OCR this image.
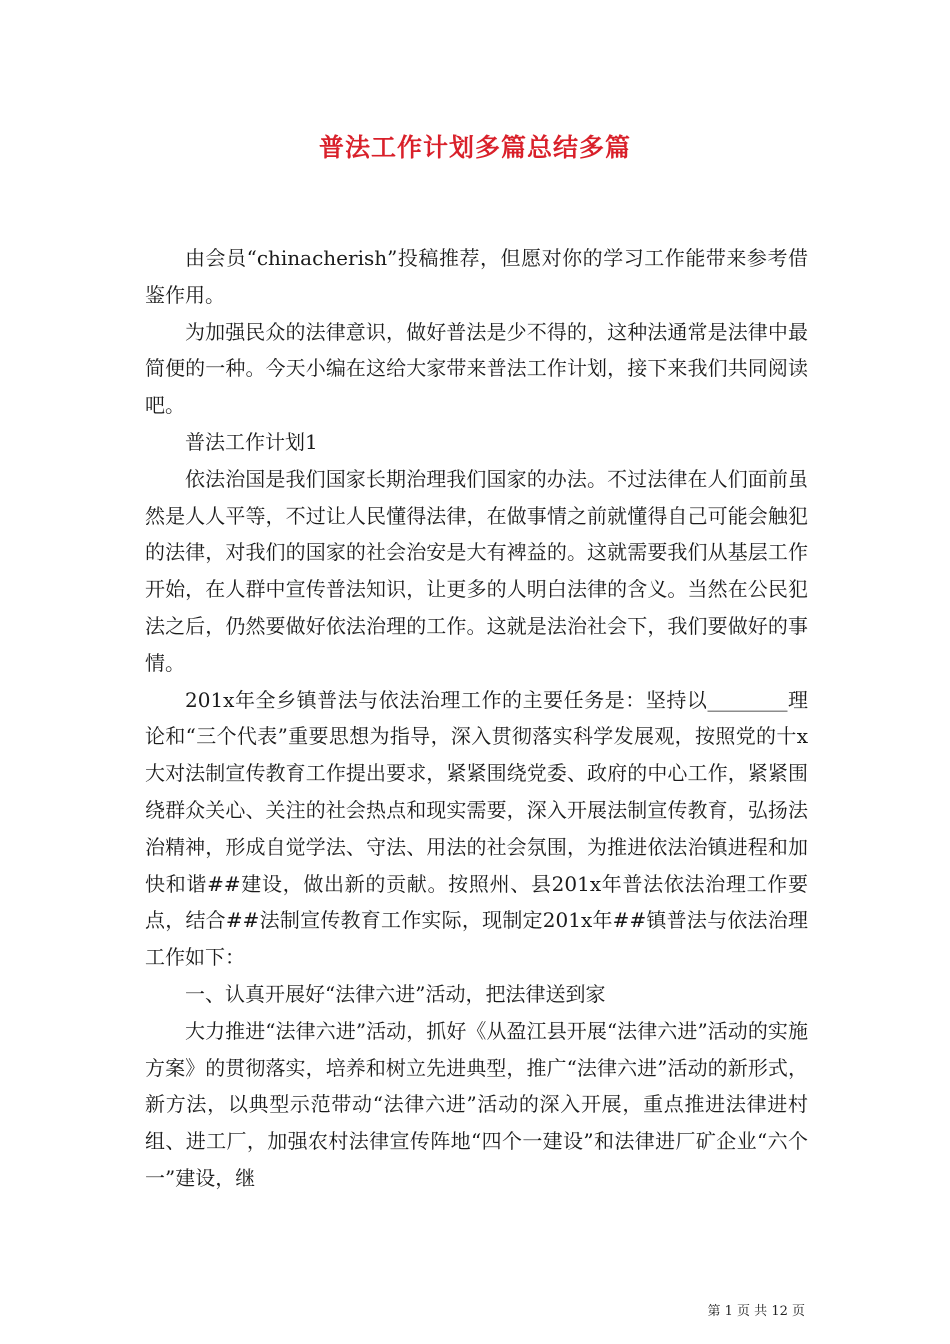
普法工作计划多篇总结多篇

由会员“chinacherish”投稿推荐，但愿对你的学习工作能带来参考借鉴作用。

为加强民众的法律意识，做好普法是少不得的，这种法通常是法律中最简便的一种。今天小编在这给大家带来普法工作计划，接下来我们共同阅读吧。

普法工作计划1

依法治国是我们国家长期治理我们国家的办法。不过法律在人们面前虽然是人人平等，不过让人民懂得法律，在做事情之前就懂得自己可能会触犯的法律，对我们的国家的社会治安是大有裨益的。这就需要我们从基层工作开始，在人群中宣传普法知识，让更多的人明白法律的含义。当然在公民犯法之后，仍然要做好依法治理的工作。这就是法治社会下，我们要做好的事情。

201x年全乡镇普法与依法治理工作的主要任务是：坚持以________理论和“三个代表”重要思想为指导，深入贯彻落实科学发展观，按照党的十x大对法制宣传教育工作提出要求，紧紧围绕党委、政府的中心工作，紧紧围绕群众关心、关注的社会热点和现实需要，深入开展法制宣传教育，弘扬法治精神，形成自觉学法、守法、用法的社会氛围，为推进依法治镇进程和加快和谐##建设，做出新的贡献。按照州、县201x年普法依法治理工作要点，结合##法制宣传教育工作实际，现制定201x年##镇普法与依法治理工作如下：

一、认真开展好“法律六进”活动，把法律送到家

大力推进“法律六进”活动，抓好《从盈江县开展“法律六进”活动的实施方案》的贯彻落实，培养和树立先进典型，推广“法律六进”活动的新形式，新方法，以典型示范带动“法律六进”活动的深入开展，重点推进法律进村组、进工厂，加强农村法律宣传阵地“四个一建设”和法律进厂矿企业“六个一”建设，继

第 1 页 共 12 页
